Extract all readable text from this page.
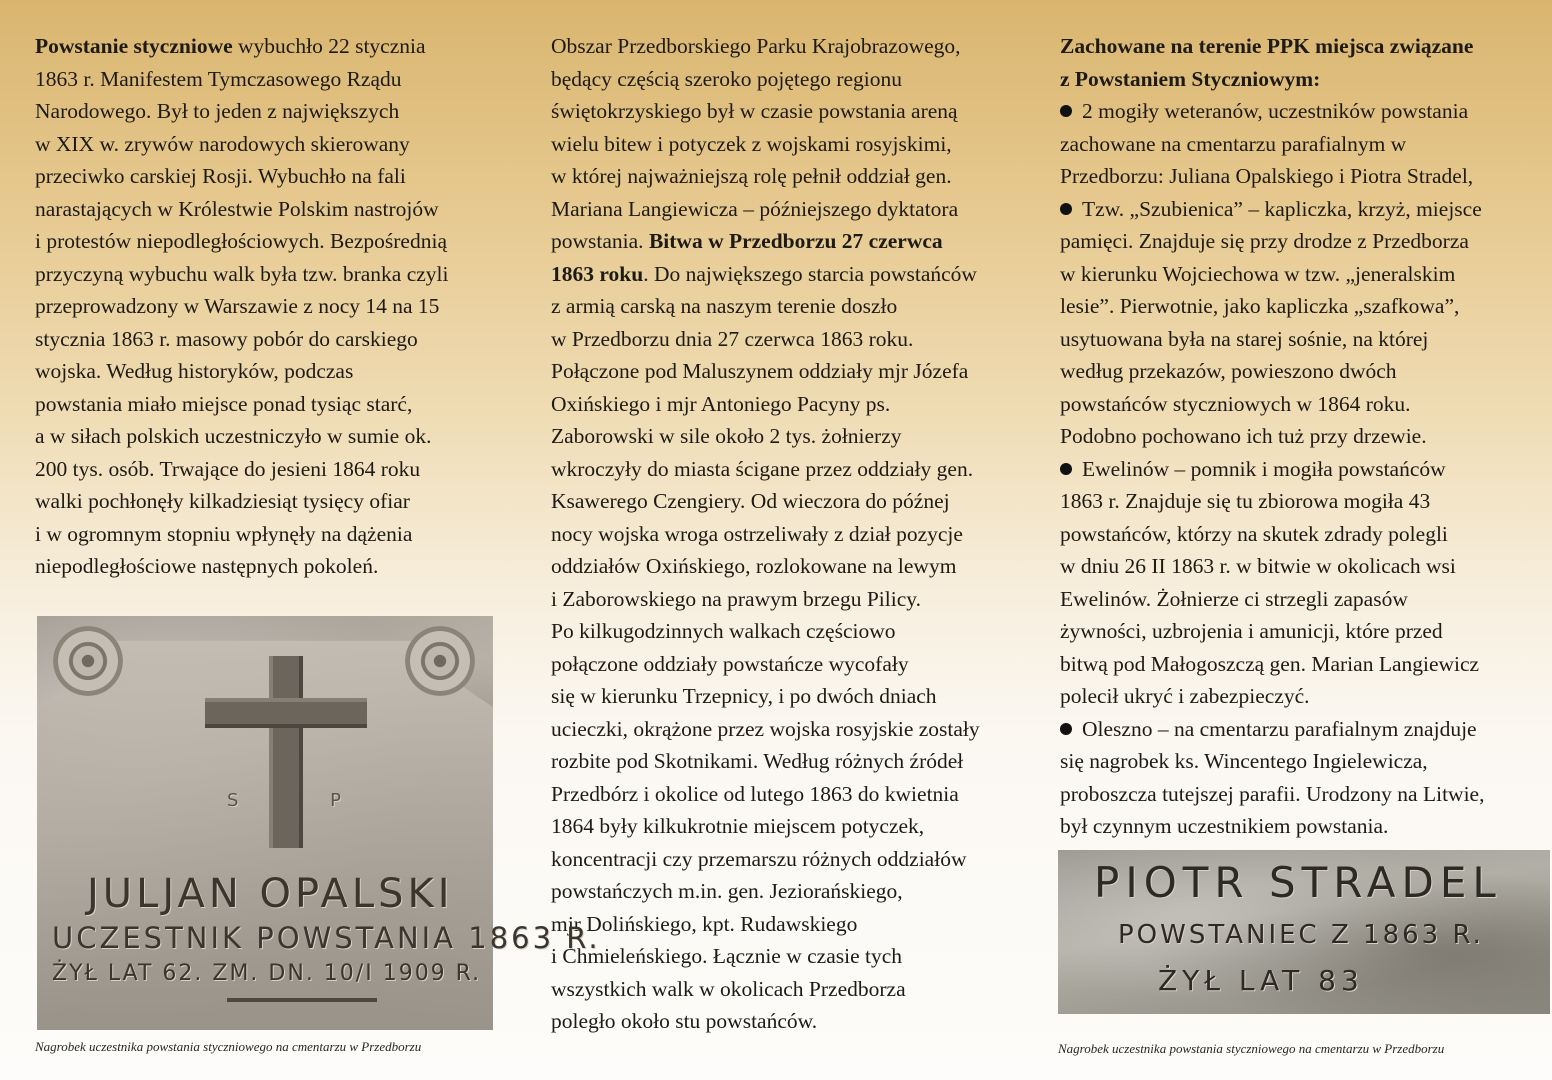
Powstanie styczniowe wybuchło 22 stycznia
1863 r. Manifestem Tymczasowego Rządu
Narodowego. Był to jeden z największych
w XIX w. zrywów narodowych skierowany
przeciwko carskiej Rosji. Wybuchło na fali
narastających w Królestwie Polskim nastrojów
i protestów niepodległościowych. Bezpośrednią
przyczyną wybuchu walk była tzw. branka czyli
przeprowadzony w Warszawie z nocy 14 na 15
stycznia 1863 r. masowy pobór do carskiego
wojska. Według historyków, podczas
powstania miało miejsce ponad tysiąc starć,
a w siłach polskich uczestniczyło w sumie ok.
200 tys. osób. Trwające do jesieni 1864 roku
walki pochłonęły kilkadziesiąt tysięcy ofiar
i w ogromnym stopniu wpłynęły na dążenia
niepodległościowe następnych pokoleń.
Obszar Przedborskiego Parku Krajobrazowego,
będący częścią szeroko pojętego regionu
świętokrzyskiego był w czasie powstania areną
wielu bitew i potyczek z wojskami rosyjskimi,
w której najważniejszą rolę pełnił oddział gen.
Mariana Langiewicza – późniejszego dyktatora
powstania. Bitwa w Przedborzu 27 czerwca
1863 roku. Do największego starcia powstańców
z armią carską na naszym terenie doszło
w Przedborzu dnia 27 czerwca 1863 roku.
Połączone pod Maluszynem oddziały mjr Józefa
Oxińskiego i mjr Antoniego Pacyny ps.
Zaborowski w sile około 2 tys. żołnierzy
wkroczyły do miasta ścigane przez oddziały gen.
Ksawerego Czengiery. Od wieczora do późnej
nocy wojska wroga ostrzeliwały z dział pozycje
oddziałów Oxińskiego, rozlokowane na lewym
i Zaborowskiego na prawym brzegu Pilicy.
Po kilkugodzinnych walkach częściowo
połączone oddziały powstańcze wycofały
się w kierunku Trzepnicy, i po dwóch dniach
ucieczki, okrążone przez wojska rosyjskie zostały
rozbite pod Skotnikami. Według różnych źródeł
Przedbórz i okolice od lutego 1863 do kwietnia
1864 były kilkukrotnie miejscem potyczek,
koncentracji czy przemarszu różnych oddziałów
powstańczych m.in. gen. Jeziorańskiego,
mjr Dolińskiego, kpt. Rudawskiego
i Chmieleńskiego. Łącznie w czasie tych
wszystkich walk w okolicach Przedborza
poległo około stu powstańców.
Zachowane na terenie PPK miejsca związane
z Powstaniem Styczniowym:
2 mogiły weteranów, uczestników powstania
zachowane na cmentarzu parafialnym w
Przedborzu: Juliana Opalskiego i Piotra Stradel,
Tzw. „Szubienica” – kapliczka, krzyż, miejsce
pamięci. Znajduje się przy drodze z Przedborza
w kierunku Wojciechowa w tzw. „jeneralskim
lesie”. Pierwotnie, jako kapliczka „szafkowa”,
usytuowana była na starej sośnie, na której
według przekazów, powieszono dwóch
powstańców styczniowych w 1864 roku.
Podobno pochowano ich tuż przy drzewie.
Ewelinów – pomnik i mogiła powstańców
1863 r. Znajduje się tu zbiorowa mogiła 43
powstańców, którzy na skutek zdrady polegli
w dniu 26 II 1863 r. w bitwie w okolicach wsi
Ewelinów. Żołnierze ci strzegli zapasów
żywności, uzbrojenia i amunicji, które przed
bitwą pod Małogoszczą gen. Marian Langiewicz
polecił ukryć i zabezpieczyć.
Oleszno – na cmentarzu parafialnym znajduje
się nagrobek ks. Wincentego Ingielewicza,
proboszcza tutejszej parafii. Urodzony na Litwie,
był czynnym uczestnikiem powstania.
S P
JULJAN OPALSKI
UCZESTNIK POWSTANIA 1863 R.
ŻYŁ LAT 62. ZM. DN. 10/I 1909 R.
Nagrobek uczestnika powstania styczniowego na cmentarzu w Przedborzu
PIOTR STRADEL
POWSTANIEC Z 1863 R.
ŻYŁ LAT 83
Nagrobek uczestnika powstania styczniowego na cmentarzu w Przedborzu
